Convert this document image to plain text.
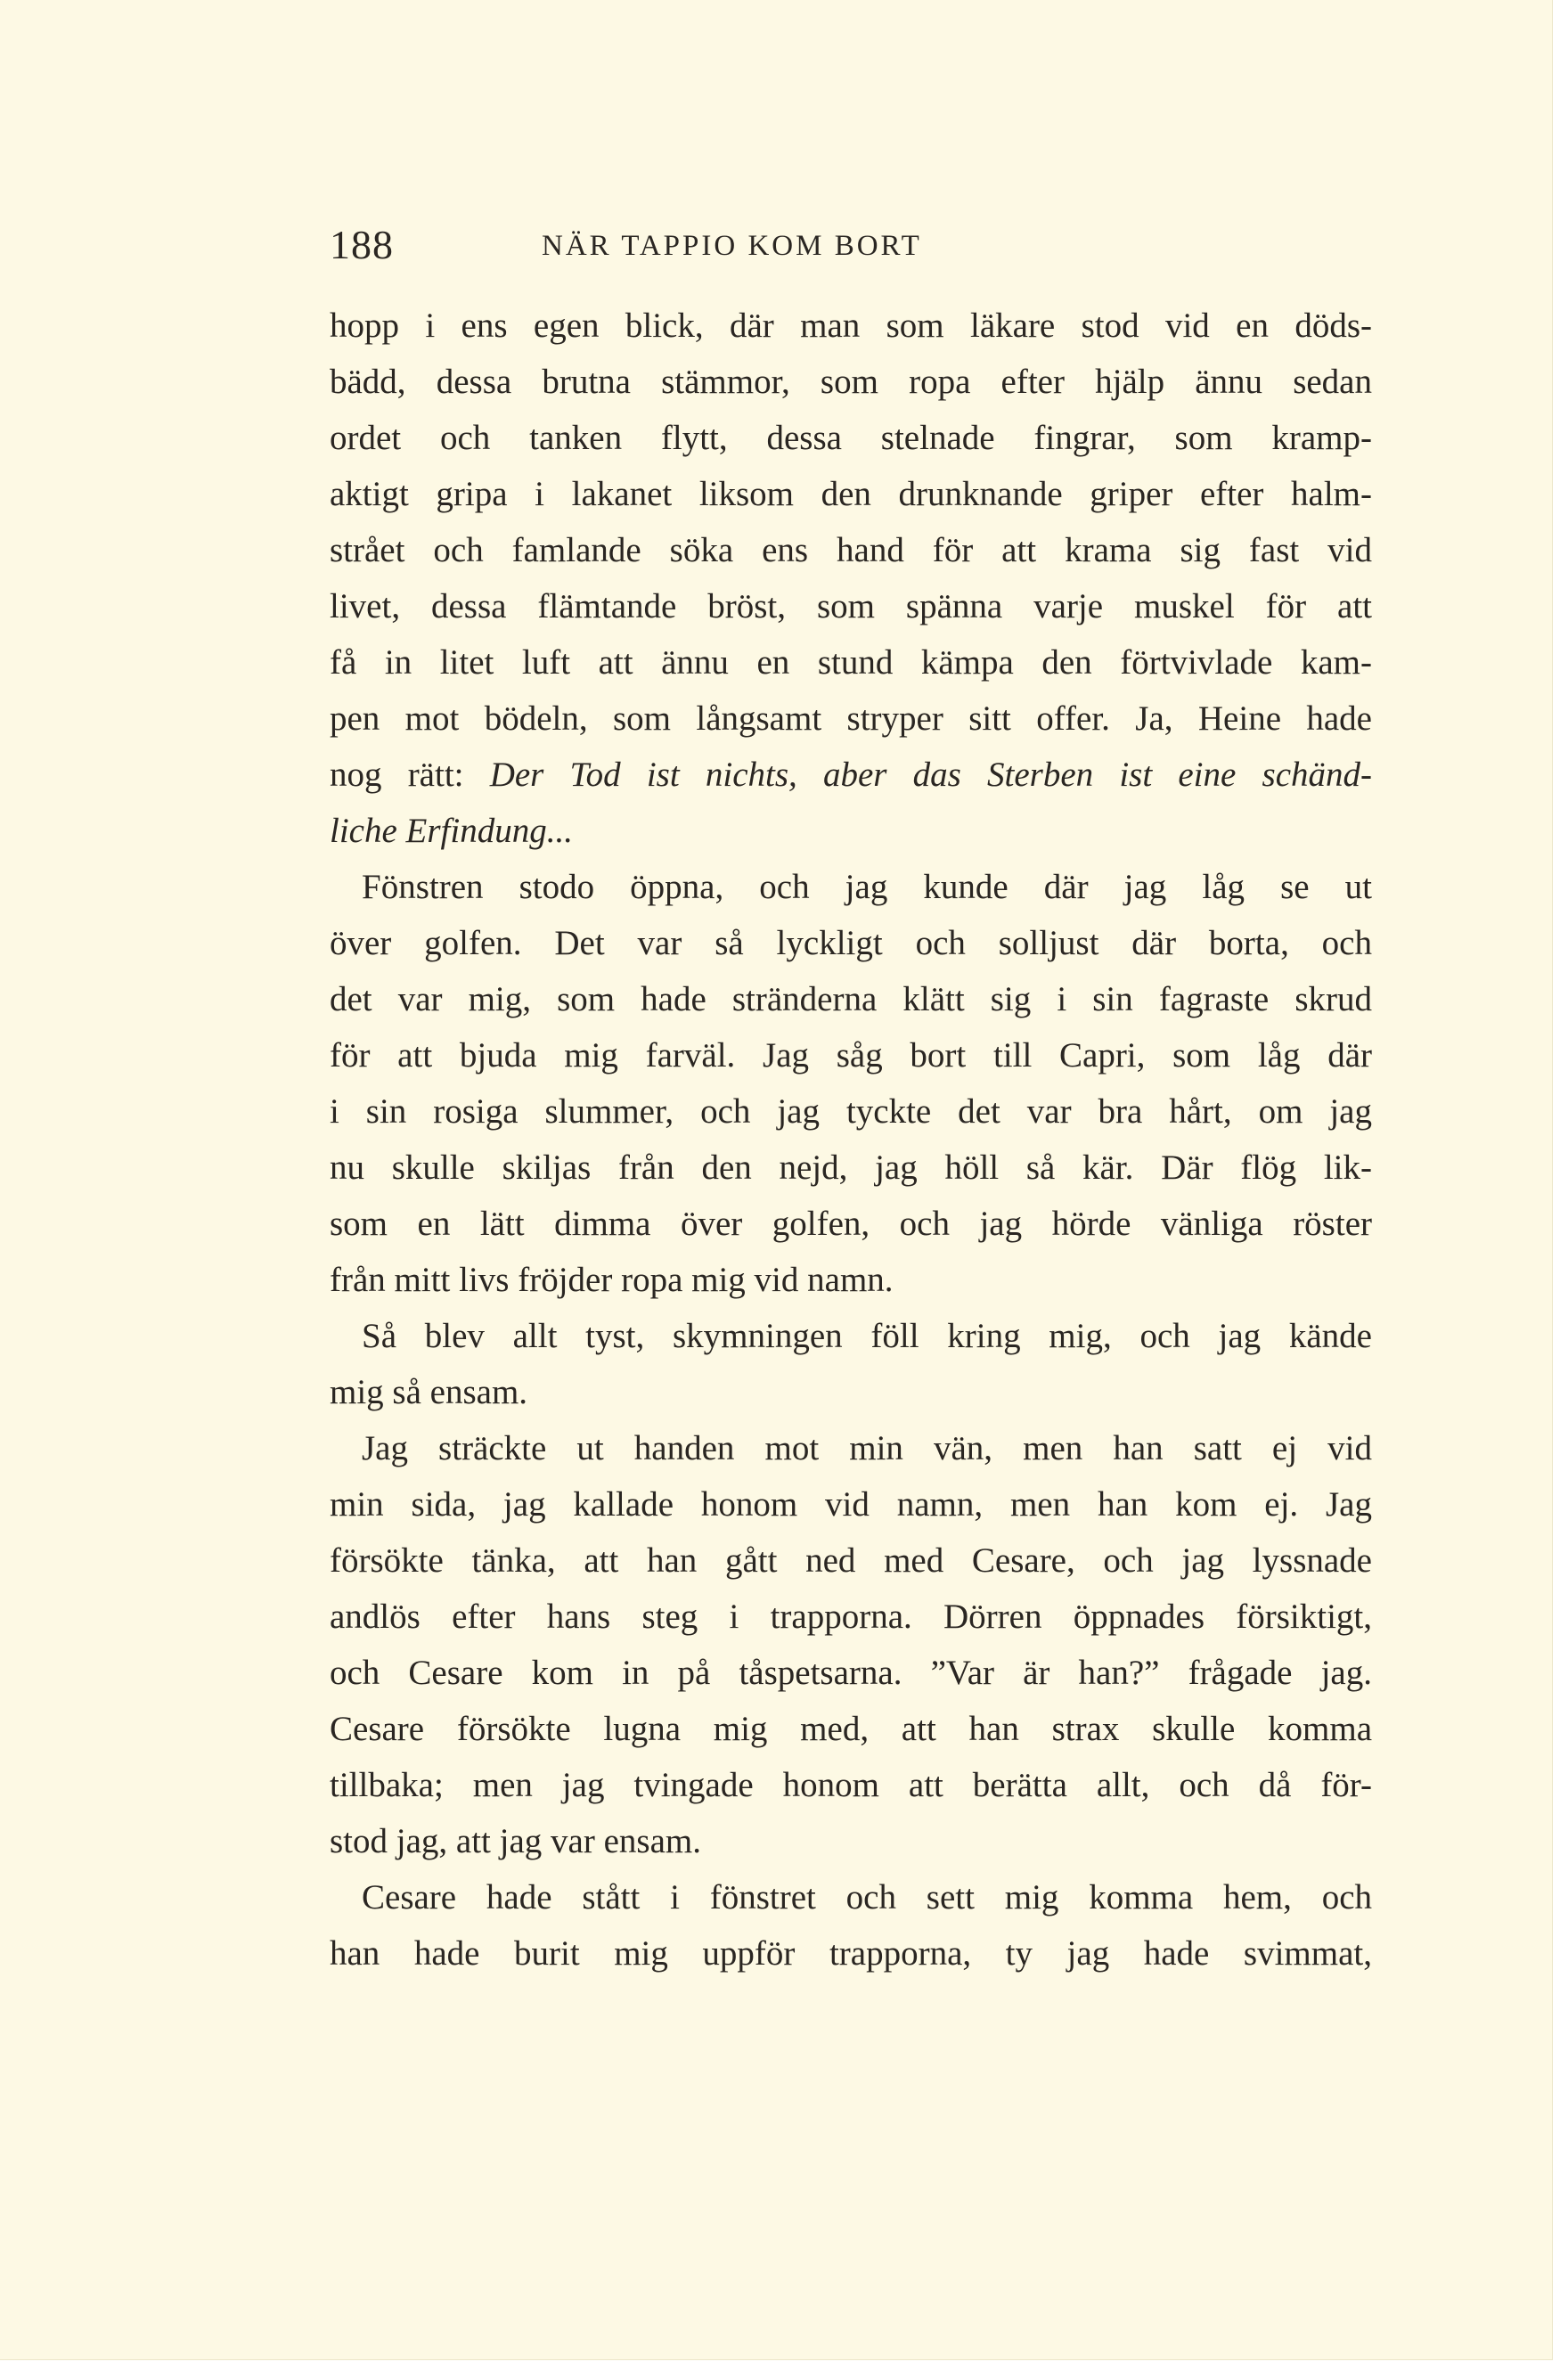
188	NÄR TAPPIO KOM BORT
hopp i ens egen blick, där man som läkare stod vid en döds-
bädd, dessa brutna stämmor, som ropa efter hjälp ännu sedan
ordet och tanken flytt, dessa stelnade fingrar, som kramp-
aktigt gripa i lakanet liksom den drunknande griper efter halm-
strået och famlande söka ens hand för att krama sig fast vid
livet, dessa flämtande bröst, som spänna varje muskel för att
få in litet luft att ännu en stund kämpa den förtvivlade kam-
pen mot bödeln, som långsamt stryper sitt offer. Ja, Heine hade
nog rätt: Der Tod ist nichts, aber das Sterben ist eine schänd-
liche Erfindung...
Fönstren stodo öppna, och jag kunde där jag låg se ut
över golfen. Det var så lyckligt och solljust där borta, och
det var mig, som hade stränderna klätt sig i sin fagraste skrud
för att bjuda mig farväl. Jag såg bort till Capri, som låg där
i sin rosiga slummer, och jag tyckte det var bra hårt, om jag
nu skulle skiljas från den nejd, jag höll så kär. Där flög lik-
som en lätt dimma över golfen, och jag hörde vänliga röster
från mitt livs fröjder ropa mig vid namn.
Så blev allt tyst, skymningen föll kring mig, och jag kände
mig så ensam.
Jag sträckte ut handen mot min vän, men han satt ej vid
min sida, jag kallade honom vid namn, men han kom ej. Jag
försökte tänka, att han gått ned med Cesare, och jag lyssnade
andlös efter hans steg i trapporna. Dörren öppnades försiktigt,
och Cesare kom in på tåspetsarna. ”Var är han?” frågade jag.
Cesare försökte lugna mig med, att han strax skulle komma
tillbaka; men jag tvingade honom att berätta allt, och då för-
stod jag, att jag var ensam.
Cesare hade stått i fönstret och sett mig komma hem, och
han hade burit mig uppför trapporna, ty jag hade svimmat,
